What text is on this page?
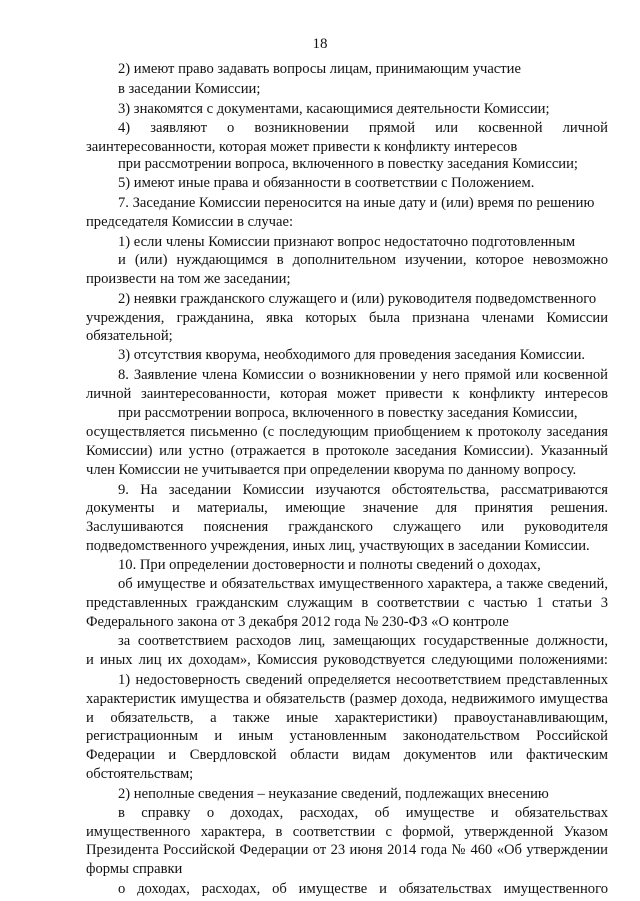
18
2) имеют право задавать вопросы лицам, принимающим участие
в заседании Комиссии;
3) знакомятся с документами, касающимися деятельности Комиссии;
4) заявляют о возникновении прямой или косвенной личной
заинтересованности, которая может привести к конфликту интересов
при рассмотрении вопроса, включенного в повестку заседания Комиссии;
5) имеют иные права и обязанности в соответствии с Положением.
7. Заседание Комиссии переносится на иные дату и (или) время по решению
председателя Комиссии в случае:
1) если члены Комиссии признают вопрос недостаточно подготовленным
и (или) нуждающимся в дополнительном изучении, которое невозможно
произвести на том же заседании;
2) неявки гражданского служащего и (или) руководителя подведомственного
учреждения, гражданина, явка которых была признана членами Комиссии
обязательной;
3) отсутствия кворума, необходимого для проведения заседания Комиссии.
8. Заявление члена Комиссии о возникновении у него прямой или косвенной
личной заинтересованности, которая может привести к конфликту интересов
при рассмотрении вопроса, включенного в повестку заседания Комиссии,
осуществляется письменно (с последующим приобщением к протоколу заседания
Комиссии) или устно (отражается в протоколе заседания Комиссии). Указанный
член Комиссии не учитывается при определении кворума по данному вопросу.
9. На заседании Комиссии изучаются обстоятельства, рассматриваются
документы и материалы, имеющие значение для принятия решения.
Заслушиваются пояснения гражданского служащего или руководителя
подведомственного учреждения, иных лиц, участвующих в заседании Комиссии.
10. При определении достоверности и полноты сведений о доходах,
об имуществе и обязательствах имущественного характера, а также сведений,
представленных гражданским служащим в соответствии с частью 1 статьи 3
Федерального закона от 3 декабря 2012 года № 230-ФЗ «О контроле
за соответствием расходов лиц, замещающих государственные должности,
и иных лиц их доходам», Комиссия руководствуется следующими положениями:
1) недостоверность сведений определяется несоответствием представленных
характеристик имущества и обязательств (размер дохода, недвижимого имущества
и обязательств, а также иные характеристики) правоустанавливающим,
регистрационным и иным установленным законодательством Российской
Федерации и Свердловской области видам документов или фактическим
обстоятельствам;
2) неполные сведения – неуказание сведений, подлежащих внесению
в справку о доходах, расходах, об имуществе и обязательствах
имущественного характера, в соответствии с формой, утвержденной Указом
Президента Российской Федерации от 23 июня 2014 года № 460 «Об утверждении
формы справки
о доходах, расходах, об имуществе и обязательствах имущественного
